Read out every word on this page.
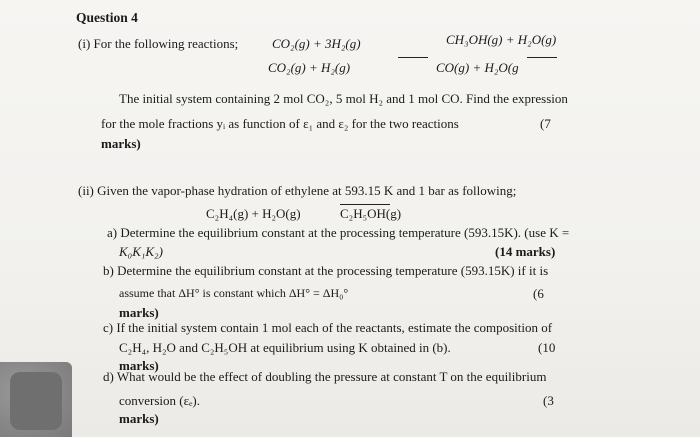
Question 4
(i) For the following reactions;	CO₂(g) + 3H₂(g)	CH₃OH(g) + H₂O(g)
CO₂(g) + H₂(g)	CO(g) + H₂O(g
The initial system containing 2 mol CO₂, 5 mol H₂ and 1 mol CO. Find the expression
for the mole fractions yᵢ as function of ε₁ and ε₂ for the two reactions	(7
marks)
(ii) Given the vapor-phase hydration of ethylene at 593.15 K and 1 bar as following;
C₂H₄(g) + H₂O(g)	C₂H₅OH(g)
a) Determine the equilibrium constant at the processing temperature (593.15K). (use K =
K₀K₁K₂)	(14 marks)
b) Determine the equilibrium constant at the processing temperature (593.15K) if it is
assume that ΔH° is constant which ΔH° = ΔH₀°	(6
marks)
c) If the initial system contain 1 mol each of the reactants, estimate the composition of
C₂H₄, H₂O and C₂H₅OH at equilibrium using K obtained in (b).	(10
marks)
d) What would be the effect of doubling the pressure at constant T on the equilibrium
conversion (εₑ).	(3
marks)
